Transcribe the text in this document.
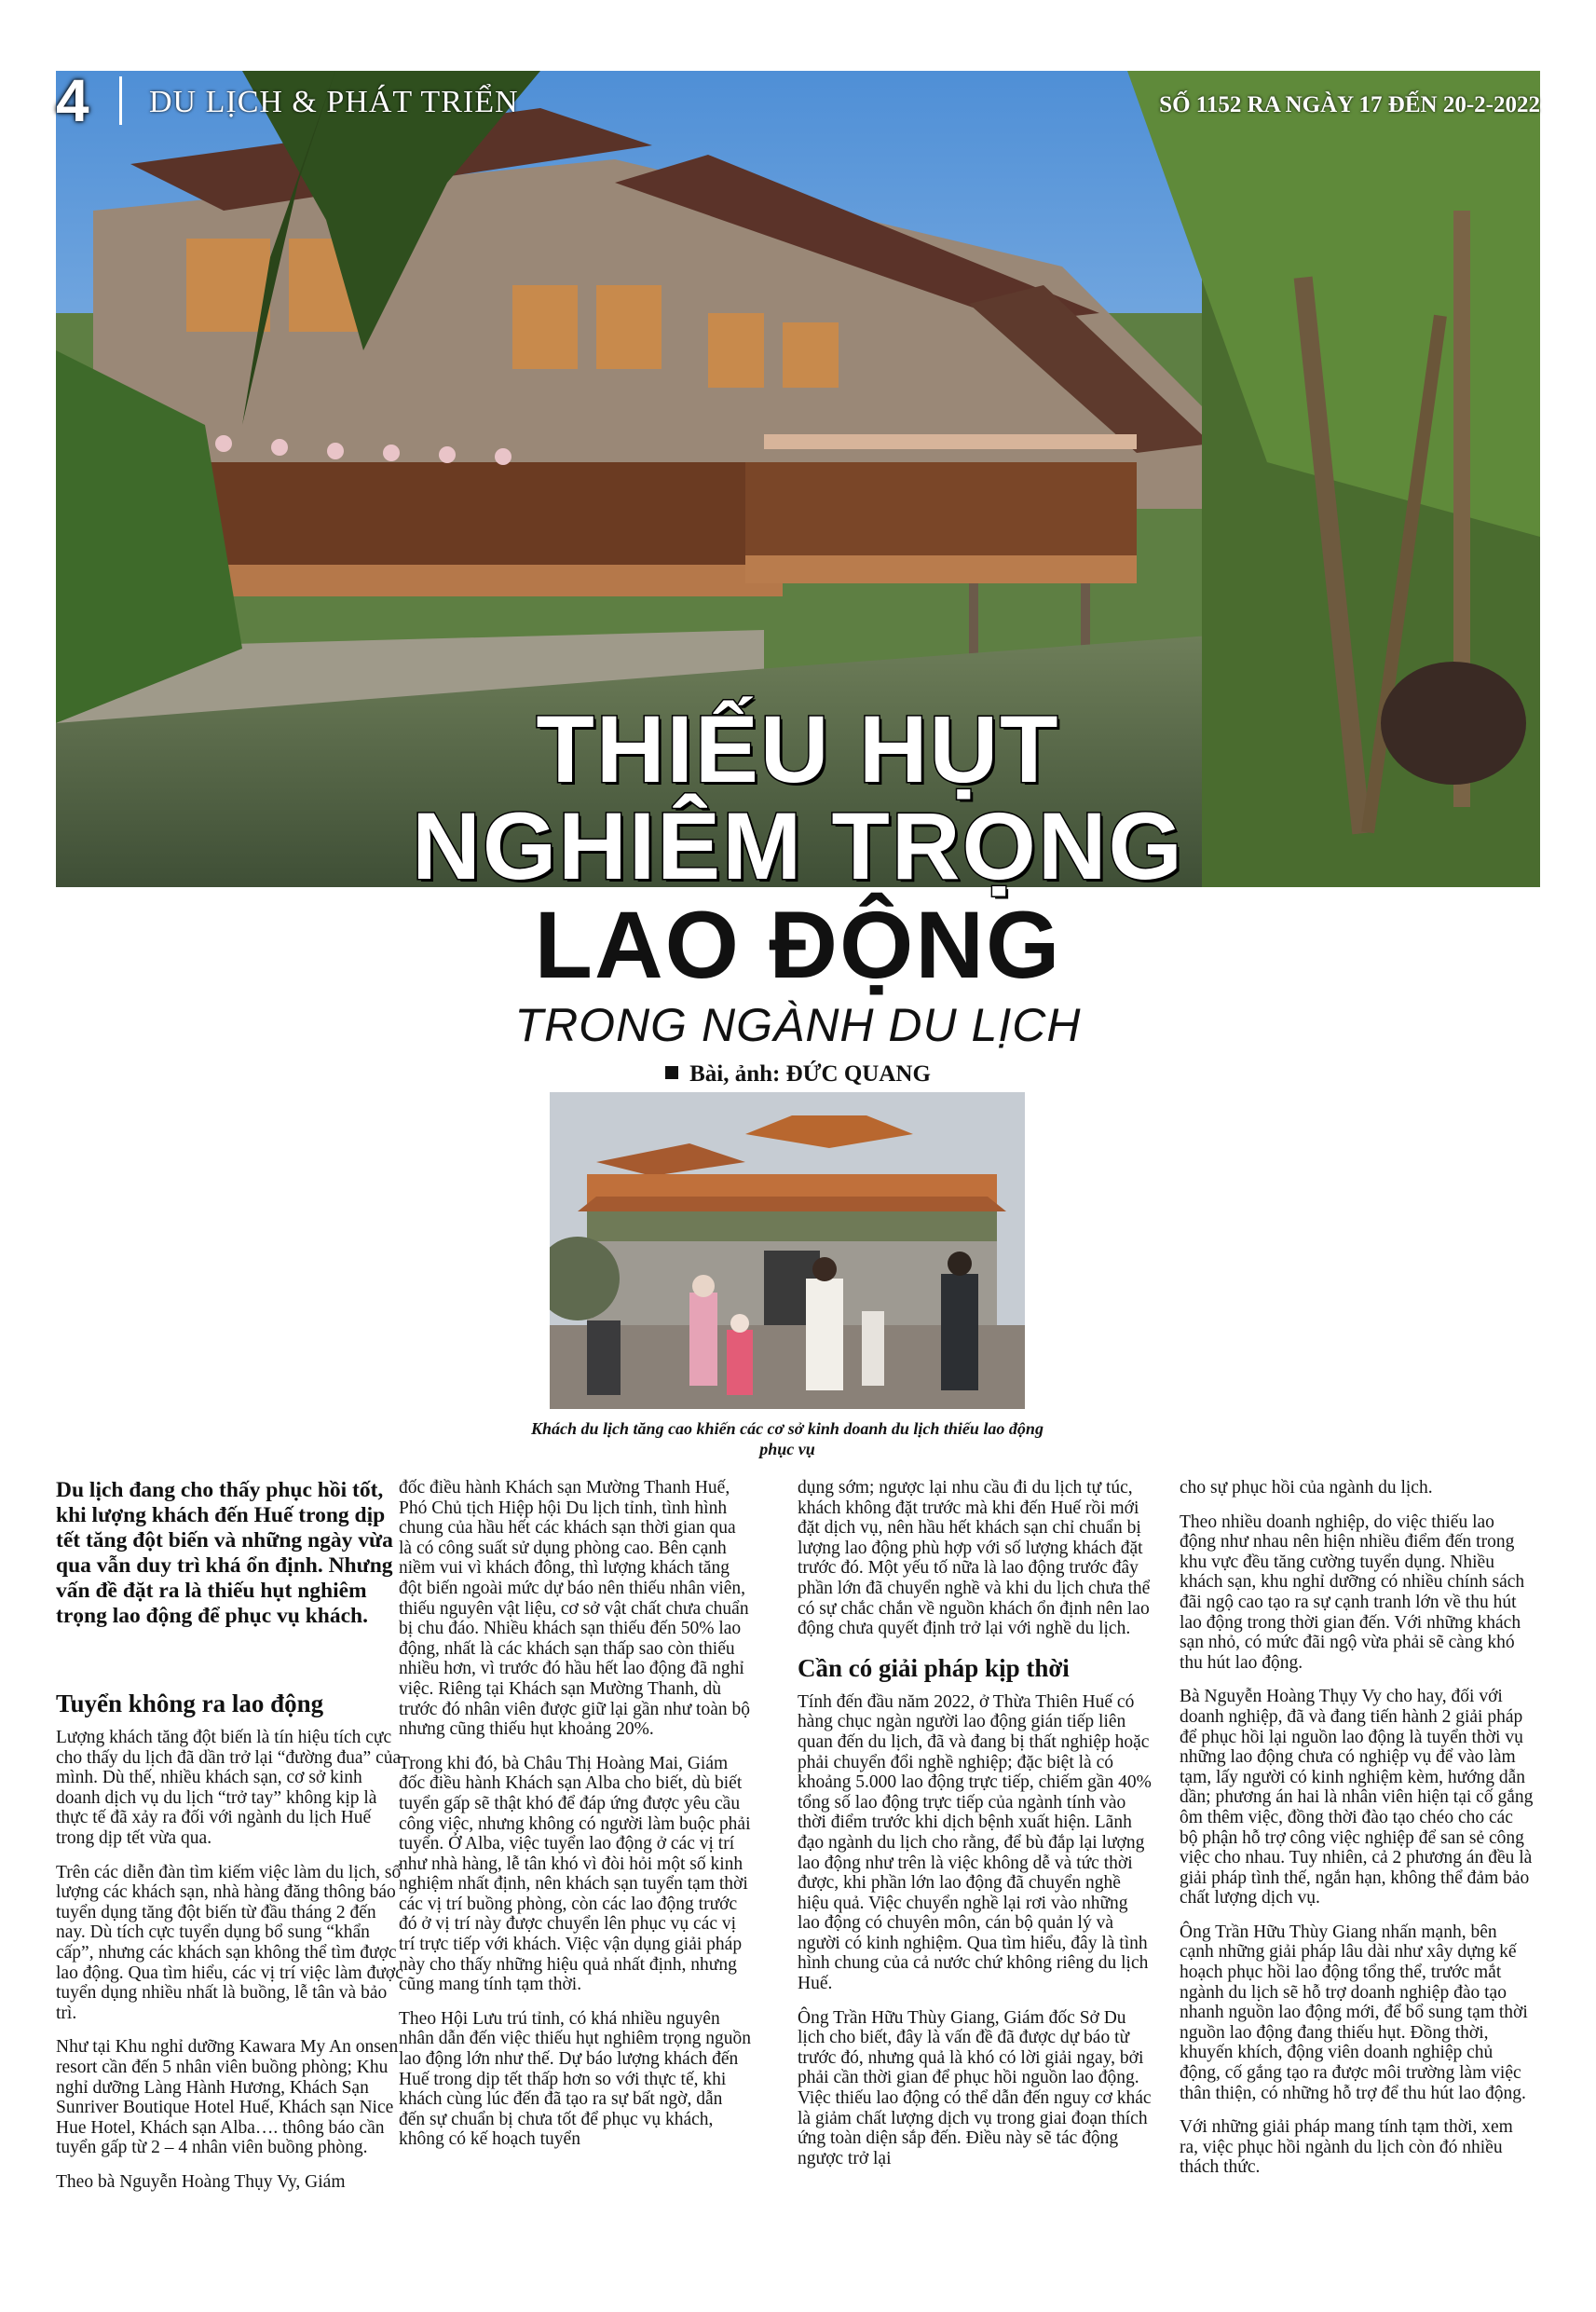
4 DU LỊCH & PHÁT TRIỂN	SỐ 1152 RA NGÀY 17 ĐẾN 20-2-2022
THIẾU HỤT
NGHIÊM TRỌNG
LAO ĐỘNG
TRONG NGÀNH DU LỊCH
Bài, ảnh: ĐỨC QUANG
Khách du lịch tăng cao khiến các cơ sở kinh doanh du lịch thiếu lao động phục vụ

Du lịch đang cho thấy phục hồi tốt, khi lượng khách đến Huế trong dịp tết tăng đột biến và những ngày vừa qua vẫn duy trì khá ổn định. Nhưng vấn đề đặt ra là thiếu hụt nghiêm trọng lao động để phục vụ khách.

Tuyển không ra lao động

Lượng khách tăng đột biến là tín hiệu tích cực cho thấy du lịch đã dần trở lại “đường đua” của mình. Dù thế, nhiều khách sạn, cơ sở kinh doanh dịch vụ du lịch “trở tay” không kịp là thực tế đã xảy ra đối với ngành du lịch Huế trong dịp tết vừa qua.

Trên các diễn đàn tìm kiếm việc làm du lịch, số lượng các khách sạn, nhà hàng đăng thông báo tuyển dụng tăng đột biến từ đầu tháng 2 đến nay. Dù tích cực tuyển dụng bổ sung “khẩn cấp”, nhưng các khách sạn không thể tìm được lao động. Qua tìm hiểu, các vị trí việc làm được tuyển dụng nhiều nhất là buồng, lễ tân và bảo trì.

Như tại Khu nghỉ dưỡng Kawara My An onsen resort cần đến 5 nhân viên buồng phòng; Khu nghỉ dưỡng Làng Hành Hương, Khách Sạn Sunriver Boutique Hotel Huế, Khách sạn Nice Hue Hotel, Khách sạn Alba…. thông báo cần tuyển gấp từ 2 – 4 nhân viên buồng phòng.

Theo bà Nguyễn Hoàng Thụy Vy, Giám

đốc điều hành Khách sạn Mường Thanh Huế, Phó Chủ tịch Hiệp hội Du lịch tỉnh, tình hình chung của hầu hết các khách sạn thời gian qua là có công suất sử dụng phòng cao. Bên cạnh niềm vui vì khách đông, thì lượng khách tăng đột biến ngoài mức dự báo nên thiếu nhân viên, thiếu nguyên vật liệu, cơ sở vật chất chưa chuẩn bị chu đáo. Nhiều khách sạn thiếu đến 50% lao động, nhất là các khách sạn thấp sao còn thiếu nhiều hơn, vì trước đó hầu hết lao động đã nghỉ việc. Riêng tại Khách sạn Mường Thanh, dù trước đó nhân viên được giữ lại gần như toàn bộ nhưng cũng thiếu hụt khoảng 20%.

Trong khi đó, bà Châu Thị Hoàng Mai, Giám đốc điều hành Khách sạn Alba cho biết, dù biết tuyển gấp sẽ thật khó để đáp ứng được yêu cầu công việc, nhưng không có người làm buộc phải tuyển. Ở Alba, việc tuyển lao động ở các vị trí như nhà hàng, lễ tân khó vì đòi hỏi một số kinh nghiệm nhất định, nên khách sạn tuyển tạm thời các vị trí buồng phòng, còn các lao động trước đó ở vị trí này được chuyển lên phục vụ các vị trí trực tiếp với khách. Việc vận dụng giải pháp này cho thấy những hiệu quả nhất định, nhưng cũng mang tính tạm thời.

Theo Hội Lưu trú tỉnh, có khá nhiều nguyên nhân dẫn đến việc thiếu hụt nghiêm trọng nguồn lao động lớn như thế. Dự báo lượng khách đến Huế trong dịp tết thấp hơn so với thực tế, khi khách cùng lúc đến đã tạo ra sự bất ngờ, dẫn đến sự chuẩn bị chưa tốt để phục vụ khách, không có kế hoạch tuyển

dụng sớm; ngược lại nhu cầu đi du lịch tự túc, khách không đặt trước mà khi đến Huế rồi mới đặt dịch vụ, nên hầu hết khách sạn chỉ chuẩn bị lượng lao động phù hợp với số lượng khách đặt trước đó. Một yếu tố nữa là lao động trước đây phần lớn đã chuyển nghề và khi du lịch chưa thể có sự chắc chắn về nguồn khách ổn định nên lao động chưa quyết định trở lại với nghề du lịch.

Cần có giải pháp kịp thời

Tính đến đầu năm 2022, ở Thừa Thiên Huế có hàng chục ngàn người lao động gián tiếp liên quan đến du lịch, đã và đang bị thất nghiệp hoặc phải chuyển đổi nghề nghiệp; đặc biệt là có khoảng 5.000 lao động trực tiếp, chiếm gần 40% tổng số lao động trực tiếp của ngành tính vào thời điểm trước khi dịch bệnh xuất hiện. Lãnh đạo ngành du lịch cho rằng, để bù đắp lại lượng lao động như trên là việc không dễ và tức thời được, khi phần lớn lao động đã chuyển nghề hiệu quả. Việc chuyển nghề lại rơi vào những lao động có chuyên môn, cán bộ quản lý và người có kinh nghiệm. Qua tìm hiểu, đây là tình hình chung của cả nước chứ không riêng du lịch Huế.

Ông Trần Hữu Thùy Giang, Giám đốc Sở Du lịch cho biết, đây là vấn đề đã được dự báo từ trước đó, nhưng quả là khó có lời giải ngay, bởi phải cần thời gian để phục hồi nguồn lao động. Việc thiếu lao động có thể dẫn đến nguy cơ khác là giảm chất lượng dịch vụ trong giai đoạn thích ứng toàn diện sắp đến. Điều này sẽ tác động ngược trở lại

cho sự phục hồi của ngành du lịch.

Theo nhiều doanh nghiệp, do việc thiếu lao động như nhau nên hiện nhiều điểm đến trong khu vực đều tăng cường tuyển dụng. Nhiều khách sạn, khu nghỉ dưỡng có nhiều chính sách đãi ngộ cao tạo ra sự cạnh tranh lớn về thu hút lao động trong thời gian đến. Với những khách sạn nhỏ, có mức đãi ngộ vừa phải sẽ càng khó thu hút lao động.

Bà Nguyễn Hoàng Thụy Vy cho hay, đối với doanh nghiệp, đã và đang tiến hành 2 giải pháp để phục hồi lại nguồn lao động là tuyển thời vụ những lao động chưa có nghiệp vụ để vào làm tạm, lấy người có kinh nghiệm kèm, hướng dẫn dần; phương án hai là nhân viên hiện tại cố gắng ôm thêm việc, đồng thời đào tạo chéo cho các bộ phận hỗ trợ công việc nghiệp để san sẻ công việc cho nhau. Tuy nhiên, cả 2 phương án đều là giải pháp tình thế, ngắn hạn, không thể đảm bảo chất lượng dịch vụ.

Ông Trần Hữu Thùy Giang nhấn mạnh, bên cạnh những giải pháp lâu dài như xây dựng kế hoạch phục hồi lao động tổng thể, trước mắt ngành du lịch sẽ hỗ trợ doanh nghiệp đào tạo nhanh nguồn lao động mới, để bổ sung tạm thời nguồn lao động đang thiếu hụt. Đồng thời, khuyến khích, động viên doanh nghiệp chủ động, cố gắng tạo ra được môi trường làm việc thân thiện, có những hỗ trợ để thu hút lao động.

Với những giải pháp mang tính tạm thời, xem ra, việc phục hồi ngành du lịch còn đó nhiều thách thức.
